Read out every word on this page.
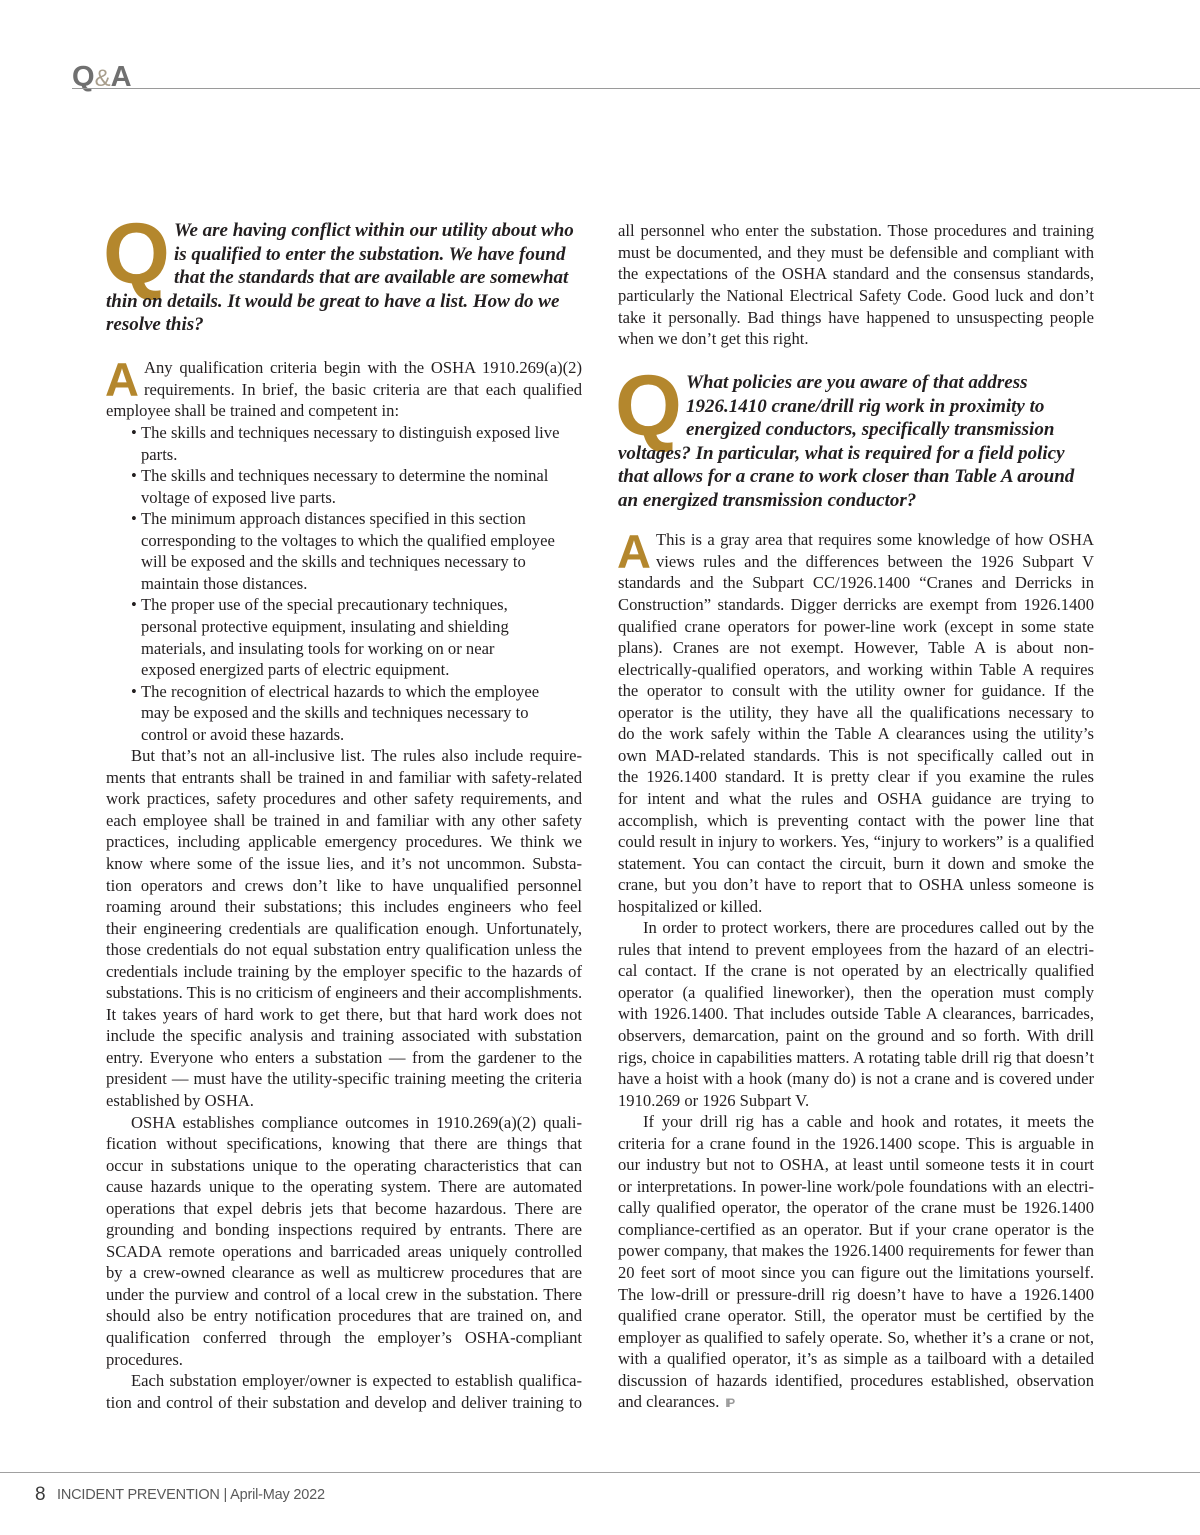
Q&A
Q We are having conflict within our utility about who
is qualified to enter the substation. We have found
that the standards that are available are somewhat
thin on details. It would be great to have a list. How do we
resolve this?
A Any qualification criteria begin with the OSHA 1910.269(a)(2)
requirements. In brief, the basic criteria are that each qualified
employee shall be trained and competent in:
• The skills and techniques necessary to distinguish exposed live
parts.
• The skills and techniques necessary to determine the nominal
voltage of exposed live parts.
• The minimum approach distances specified in this section
corresponding to the voltages to which the qualified employee
will be exposed and the skills and techniques necessary to
maintain those distances.
• The proper use of the special precautionary techniques,
personal protective equipment, insulating and shielding
materials, and insulating tools for working on or near
exposed energized parts of electric equipment.
• The recognition of electrical hazards to which the employee
may be exposed and the skills and techniques necessary to
control or avoid these hazards.
But that’s not an all-inclusive list. The rules also include require-
ments that entrants shall be trained in and familiar with safety-related
work practices, safety procedures and other safety requirements, and
each employee shall be trained in and familiar with any other safety
practices, including applicable emergency procedures. We think we
know where some of the issue lies, and it’s not uncommon. Substa-
tion operators and crews don’t like to have unqualified personnel
roaming around their substations; this includes engineers who feel
their engineering credentials are qualification enough. Unfortunately,
those credentials do not equal substation entry qualification unless the
credentials include training by the employer specific to the hazards of
substations. This is no criticism of engineers and their accomplishments.
It takes years of hard work to get there, but that hard work does not
include the specific analysis and training associated with substation
entry. Everyone who enters a substation — from the gardener to the
president — must have the utility-specific training meeting the criteria
established by OSHA.
OSHA establishes compliance outcomes in 1910.269(a)(2) quali-
fication without specifications, knowing that there are things that
occur in substations unique to the operating characteristics that can
cause hazards unique to the operating system. There are automated
operations that expel debris jets that become hazardous. There are
grounding and bonding inspections required by entrants. There are
SCADA remote operations and barricaded areas uniquely controlled
by a crew-owned clearance as well as multicrew procedures that are
under the purview and control of a local crew in the substation. There
should also be entry notification procedures that are trained on, and
qualification conferred through the employer’s OSHA-compliant
procedures.
Each substation employer/owner is expected to establish qualifica-
tion and control of their substation and develop and deliver training to
all personnel who enter the substation. Those procedures and training
must be documented, and they must be defensible and compliant with
the expectations of the OSHA standard and the consensus standards,
particularly the National Electrical Safety Code. Good luck and don’t
take it personally. Bad things have happened to unsuspecting people
when we don’t get this right.
Q What policies are you aware of that address
1926.1410 crane/drill rig work in proximity to
energized conductors, specifically transmission
voltages? In particular, what is required for a field policy
that allows for a crane to work closer than Table A around
an energized transmission conductor?
A This is a gray area that requires some knowledge of how OSHA
views rules and the differences between the 1926 Subpart V
standards and the Subpart CC/1926.1400 “Cranes and Derricks in
Construction” standards. Digger derricks are exempt from 1926.1400
qualified crane operators for power-line work (except in some state
plans). Cranes are not exempt. However, Table A is about non-
electrically-qualified operators, and working within Table A requires
the operator to consult with the utility owner for guidance. If the
operator is the utility, they have all the qualifications necessary to
do the work safely within the Table A clearances using the utility’s
own MAD-related standards. This is not specifically called out in
the 1926.1400 standard. It is pretty clear if you examine the rules
for intent and what the rules and OSHA guidance are trying to
accomplish, which is preventing contact with the power line that
could result in injury to workers. Yes, “injury to workers” is a qualified
statement. You can contact the circuit, burn it down and smoke the
crane, but you don’t have to report that to OSHA unless someone is
hospitalized or killed.
In order to protect workers, there are procedures called out by the
rules that intend to prevent employees from the hazard of an electri-
cal contact. If the crane is not operated by an electrically qualified
operator (a qualified lineworker), then the operation must comply
with 1926.1400. That includes outside Table A clearances, barricades,
observers, demarcation, paint on the ground and so forth. With drill
rigs, choice in capabilities matters. A rotating table drill rig that doesn’t
have a hoist with a hook (many do) is not a crane and is covered under
1910.269 or 1926 Subpart V.
If your drill rig has a cable and hook and rotates, it meets the
criteria for a crane found in the 1926.1400 scope. This is arguable in
our industry but not to OSHA, at least until someone tests it in court
or interpretations. In power-line work/pole foundations with an electri-
cally qualified operator, the operator of the crane must be 1926.1400
compliance-certified as an operator. But if your crane operator is the
power company, that makes the 1926.1400 requirements for fewer than
20 feet sort of moot since you can figure out the limitations yourself.
The low-drill or pressure-drill rig doesn’t have to have a 1926.1400
qualified crane operator. Still, the operator must be certified by the
employer as qualified to safely operate. So, whether it’s a crane or not,
with a qualified operator, it’s as simple as a tailboard with a detailed
discussion of hazards identified, procedures established, observation
and clearances. IP
8 INCIDENT PREVENTION | April-May 2022
